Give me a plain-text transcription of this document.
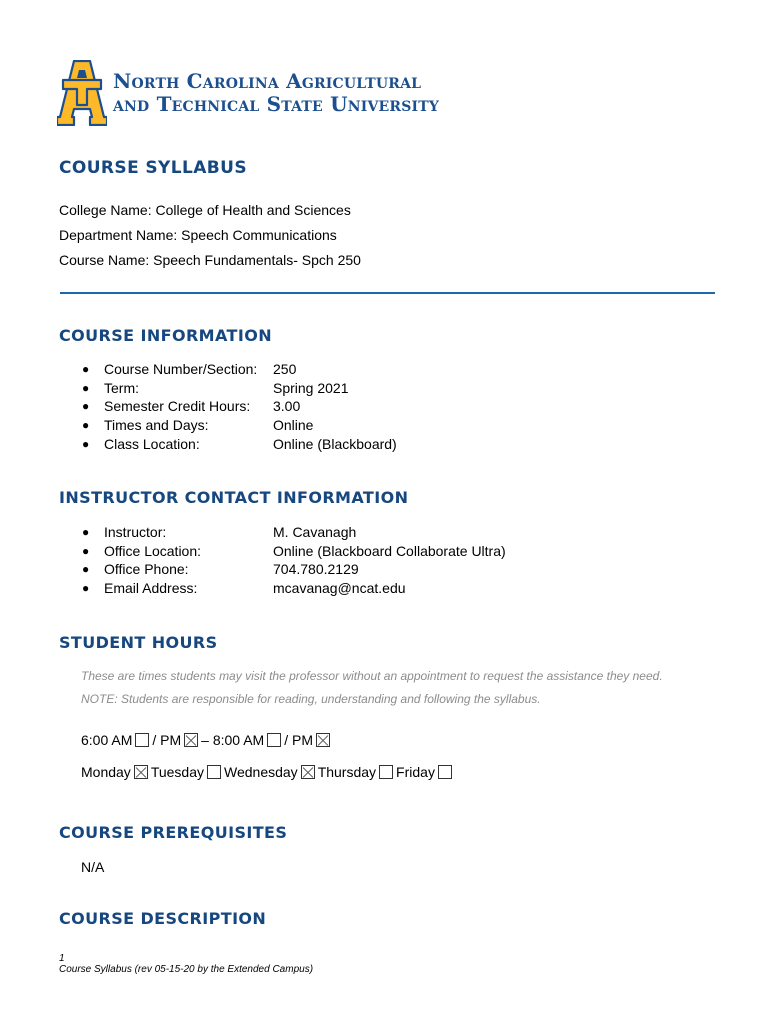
North Carolina Agricultural
and Technical State University
COURSE SYLLABUS
College Name: College of Health and Sciences
Department Name: Speech Communications
Course Name: Speech Fundamentals- Spch 250
COURSE INFORMATION
● Course Number/Section: 250
● Term:	Spring 2021
● Semester Credit Hours: 3.00
● Times and Days:	Online
● Class Location:	Online (Blackboard)
INSTRUCTOR CONTACT INFORMATION
● Instructor:	M. Cavanagh
● Office Location:	Online (Blackboard Collaborate Ultra)
● Office Phone:	704.780.2129
● Email Address:	mcavanag@ncat.edu
STUDENT HOURS
These are times students may visit the professor without an appointment to request the assistance they need.
NOTE: Students are responsible for reading, understanding and following the syllabus.
6:00 AM / PM – 8:00 AM / PM
Monday Tuesday Wednesday Thursday Friday
COURSE PREREQUISITES
N/A
COURSE DESCRIPTION
1
Course Syllabus (rev 05-15-20 by the Extended Campus)
